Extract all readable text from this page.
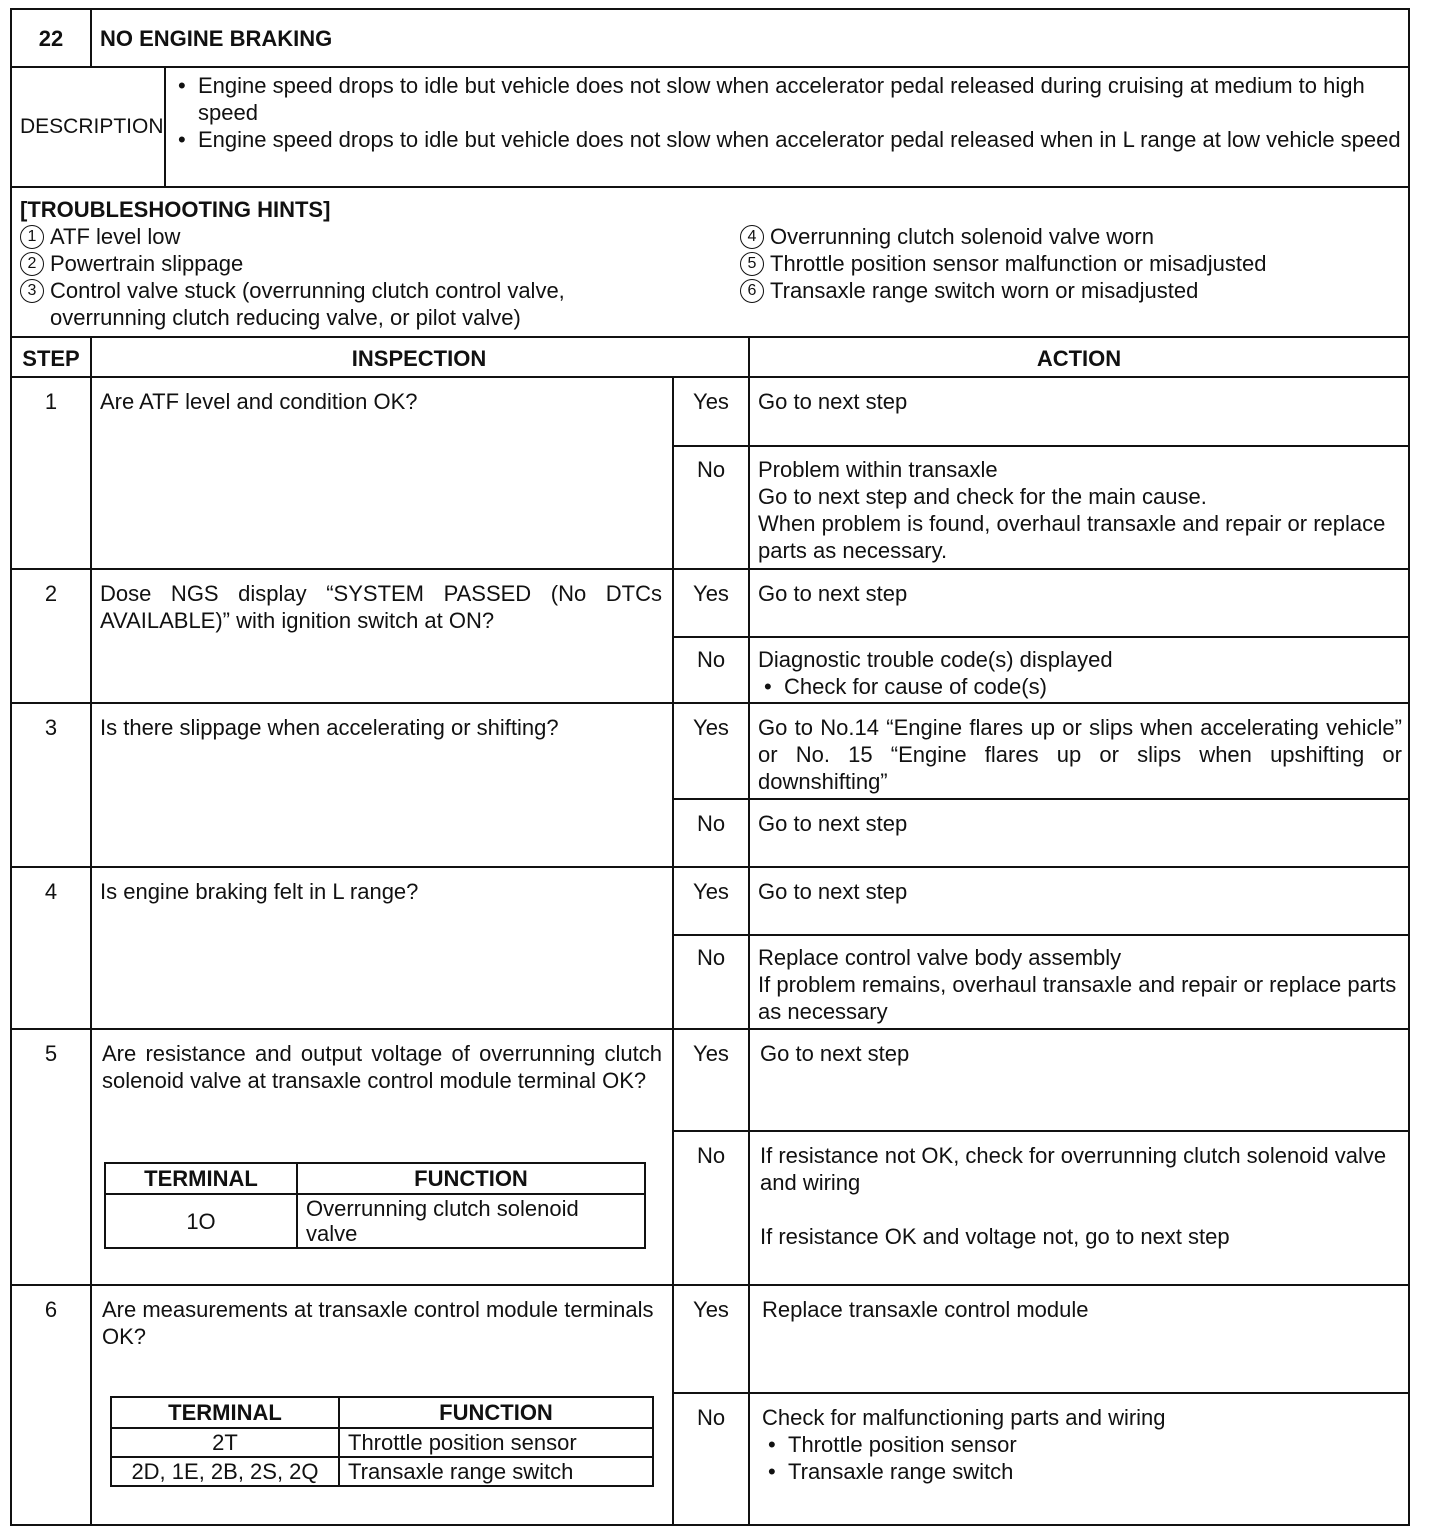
22	NO ENGINE BRAKING
DESCRIPTION
• Engine speed drops to idle but vehicle does not slow when accelerator pedal released during cruising at medium to high speed
• Engine speed drops to idle but vehicle does not slow when accelerator pedal released when in L range at low vehicle speed
[TROUBLESHOOTING HINTS]
1 ATF level low
2 Powertrain slippage
3 Control valve stuck (overrunning clutch control valve, overrunning clutch reducing valve, or pilot valve)
4 Overrunning clutch solenoid valve worn
5 Throttle position sensor malfunction or misadjusted
6 Transaxle range switch worn or misadjusted
STEP	INSPECTION	ACTION
1	Are ATF level and condition OK?	Yes	Go to next step
No	Problem within transaxle
Go to next step and check for the main cause.
When problem is found, overhaul transaxle and repair or replace parts as necessary.
2	Dose NGS display “SYSTEM PASSED (No DTCs AVAILABLE)” with ignition switch at ON?
Yes	Go to next step
No	Diagnostic trouble code(s) displayed
• Check for cause of code(s)
3	Is there slippage when accelerating or shifting?	Yes	Go to No.14 “Engine flares up or slips when accelerating vehicle” or No. 15 “Engine flares up or slips when upshifting or downshifting”
No	Go to next step
4	Is engine braking felt in L range?	Yes	Go to next step
No	Replace control valve body assembly
If problem remains, overhaul transaxle and repair or replace parts as necessary
5	Are resistance and output voltage of overrunning clutch solenoid valve at transaxle control module terminal OK?
TERMINAL	FUNCTION
1O	Overrunning clutch solenoid valve
Yes	Go to next step
No	If resistance not OK, check for overrunning clutch solenoid valve and wiring
If resistance OK and voltage not, go to next step
6	Are measurements at transaxle control module terminals OK?
TERMINAL	FUNCTION
2T	Throttle position sensor
2D, 1E, 2B, 2S, 2Q	Transaxle range switch
Yes	Replace transaxle control module
No	Check for malfunctioning parts and wiring
• Throttle position sensor
• Transaxle range switch
